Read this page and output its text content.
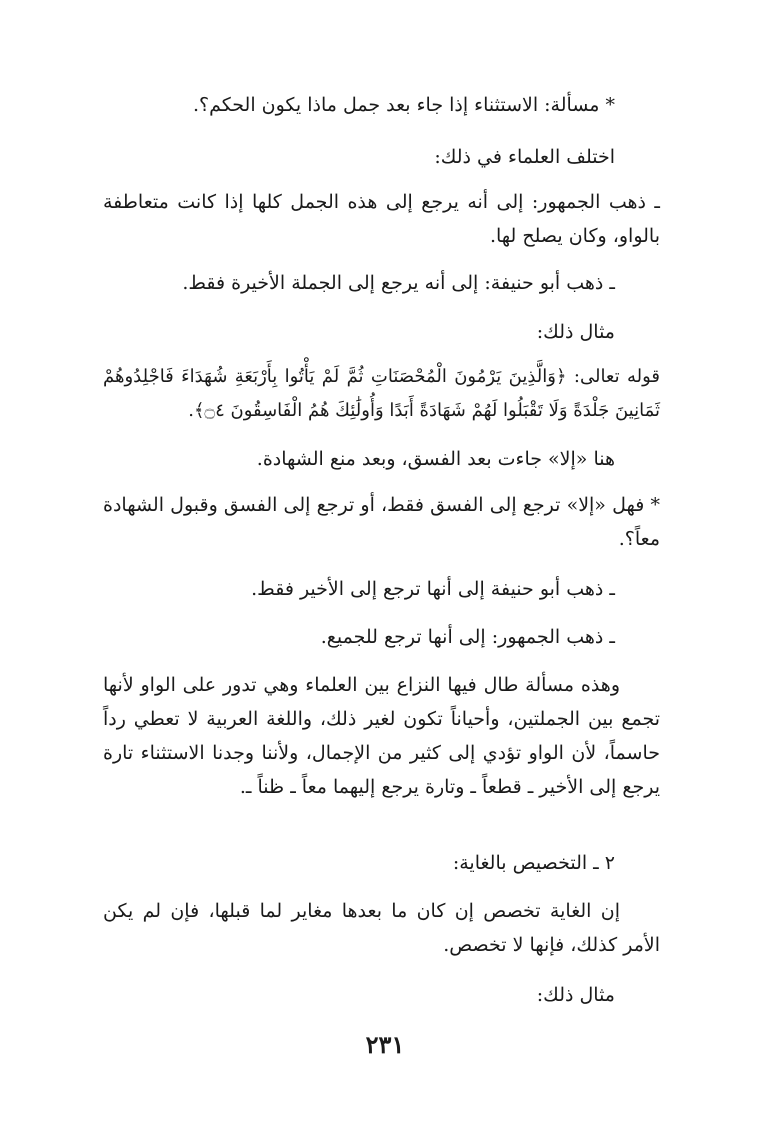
* مسألة: الاستثناء إذا جاء بعد جمل ماذا يكون الحكم؟.

اختلف العلماء في ذلك:

ـ ذهب الجمهور: إلى أنه يرجع إلى هذه الجمل كلها إذا كانت متعاطفة بالواو، وكان يصلح لها.

ـ ذهب أبو حنيفة: إلى أنه يرجع إلى الجملة الأخيرة فقط.

مثال ذلك:

قوله تعالى: ﴿وَالَّذِينَ يَرْمُونَ الْمُحْصَنَاتِ ثُمَّ لَمْ يَأْتُوا بِأَرْبَعَةِ شُهَدَاءَ فَاجْلِدُوهُمْ ثَمَانِينَ جَلْدَةً وَلَا تَقْبَلُوا لَهُمْ شَهَادَةً أَبَدًا وَأُولَٰئِكَ هُمُ الْفَاسِقُونَ ۝٤﴾.

هنا «إلا» جاءت بعد الفسق، وبعد منع الشهادة.

* فهل «إلا» ترجع إلى الفسق فقط، أو ترجع إلى الفسق وقبول الشهادة معاً؟.

ـ ذهب أبو حنيفة إلى أنها ترجع إلى الأخير فقط.

ـ ذهب الجمهور: إلى أنها ترجع للجميع.

وهذه مسألة طال فيها النزاع بين العلماء وهي تدور على الواو لأنها تجمع بين الجملتين، وأحياناً تكون لغير ذلك، واللغة العربية لا تعطي رداً حاسماً، لأن الواو تؤدي إلى كثير من الإجمال، ولأننا وجدنا الاستثناء تارة يرجع إلى الأخير ـ قطعاً ـ وتارة يرجع إليهما معاً ـ ظناً ـ.

٢ ـ التخصيص بالغاية:

إن الغاية تخصص إن كان ما بعدها مغاير لما قبلها، فإن لم يكن الأمر كذلك، فإنها لا تخصص.

مثال ذلك:

٢٣١
